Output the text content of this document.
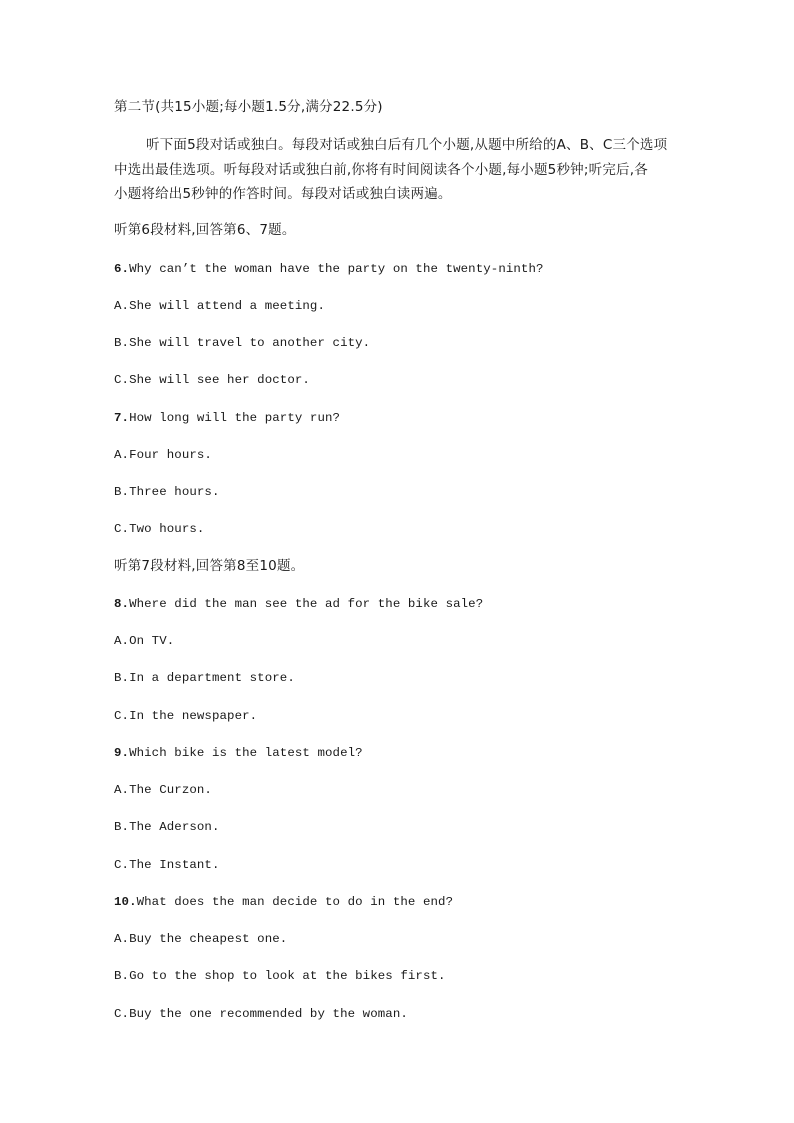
第二节(共15小题;每小题1.5分,满分22.5分)
听下面5段对话或独白。每段对话或独白后有几个小题,从题中所给的A、B、C三个选项
中选出最佳选项。听每段对话或独白前,你将有时间阅读各个小题,每小题5秒钟;听完后,各
小题将给出5秒钟的作答时间。每段对话或独白读两遍。
听第6段材料,回答第6、7题。
6.Why can’t the woman have the party on the twenty-ninth?
A.She will attend a meeting.
B.She will travel to another city.
C.She will see her doctor.
7.How long will the party run?
A.Four hours.
B.Three hours.
C.Two hours.
听第7段材料,回答第8至10题。
8.Where did the man see the ad for the bike sale?
A.On TV.
B.In a department store.
C.In the newspaper.
9.Which bike is the latest model?
A.The Curzon.
B.The Aderson.
C.The Instant.
10.What does the man decide to do in the end?
A.Buy the cheapest one.
B.Go to the shop to look at the bikes first.
C.Buy the one recommended by the woman.
